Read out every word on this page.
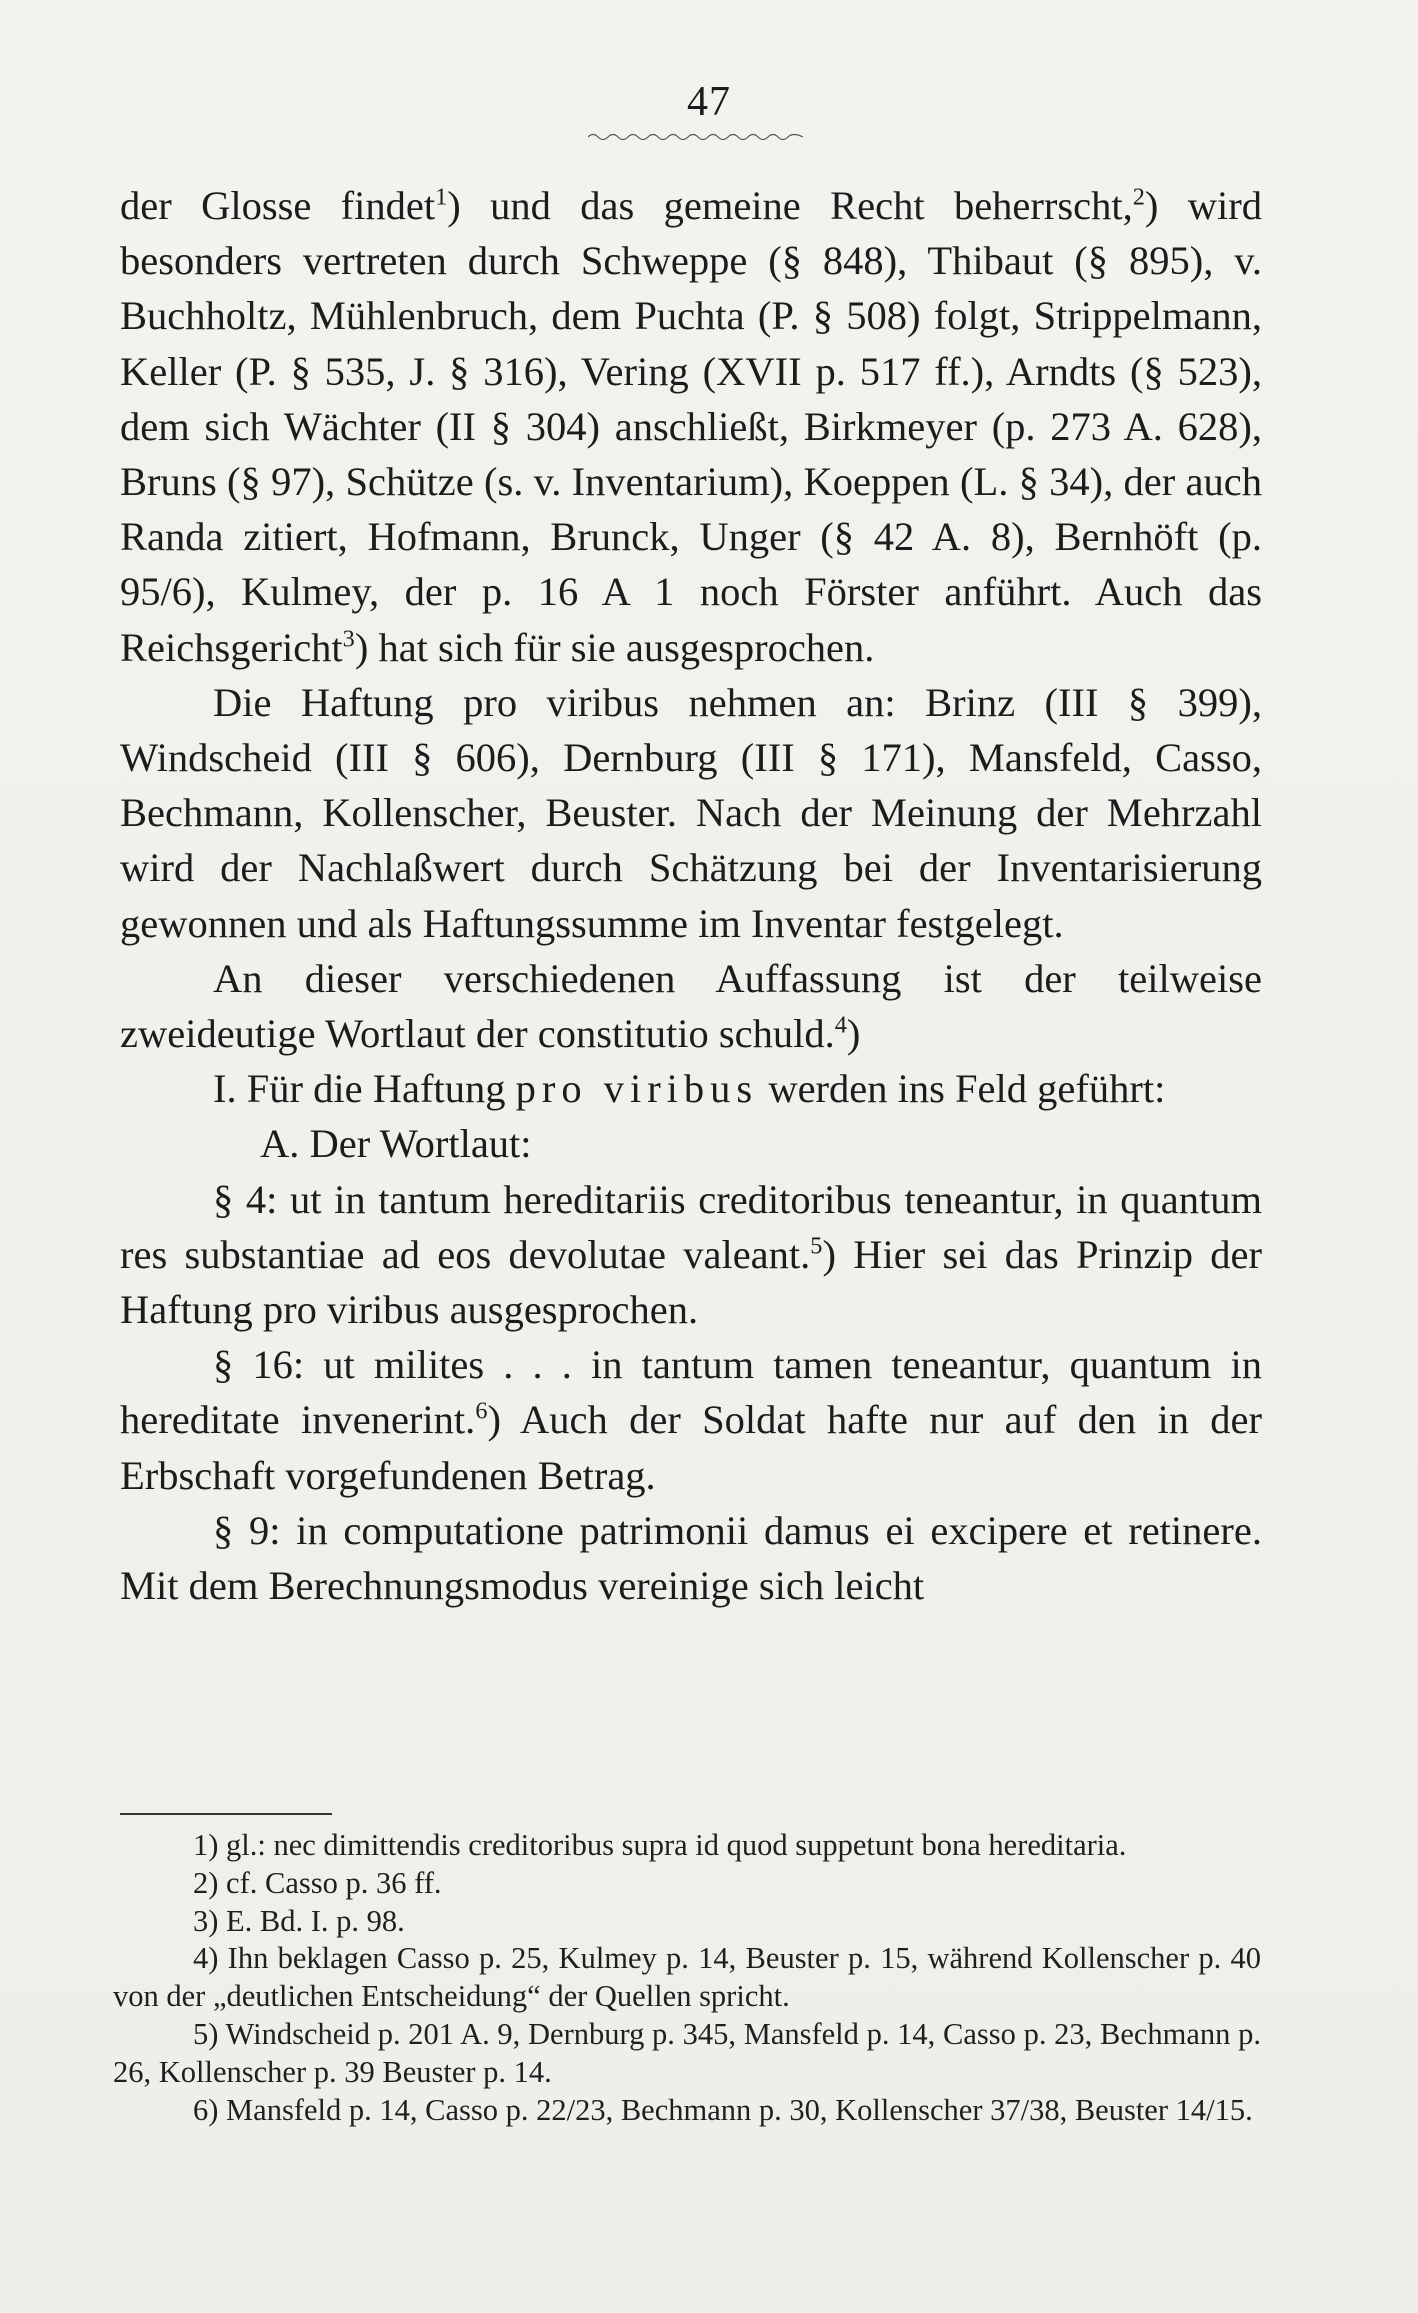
47

der Glosse findet$^1$) und das gemeine Recht beherrscht,$^2$) wird besonders vertreten durch Schweppe (§ 848), Thibaut (§ 895), v. Buchholtz, Mühlenbruch, dem Puchta (P. § 508) folgt, Strippelmann, Keller (P. § 535, J. § 316), Vering (XVII p. 517 ff.), Arndts (§ 523), dem sich Wächter (II § 304) anschließt, Birkmeyer (p. 273 A. 628), Bruns (§ 97), Schütze (s. v. Inventarium), Koeppen (L. § 34), der auch Randa zitiert, Hofmann, Brunck, Unger (§ 42 A. 8), Bernhöft (p. 95/6), Kulmey, der p. 16 A 1 noch Förster anführt. Auch das Reichsgericht$^3$) hat sich für sie ausgesprochen.

Die Haftung pro viribus nehmen an: Brinz (III § 399), Windscheid (III § 606), Dernburg (III § 171), Mansfeld, Casso, Bechmann, Kollenscher, Beuster. Nach der Meinung der Mehrzahl wird der Nachlaßwert durch Schätzung bei der Inventarisierung gewonnen und als Haftungssumme im Inventar festgelegt.

An dieser verschiedenen Auffassung ist der teilweise zweideutige Wortlaut der constitutio schuld.$^4$)

I. Für die Haftung pro viribus werden ins Feld geführt:

A. Der Wortlaut:

§ 4: ut in tantum hereditariis creditoribus teneantur, in quantum res substantiae ad eos devolutae valeant.$^5$) Hier sei das Prinzip der Haftung pro viribus ausgesprochen.

§ 16: ut milites . . . in tantum tamen teneantur, quantum in hereditate invenerint.$^6$) Auch der Soldat hafte nur auf den in der Erbschaft vorgefundenen Betrag.

§ 9: in computatione patrimonii damus ei excipere et retinere. Mit dem Berechnungsmodus vereinige sich leicht

1) gl.: nec dimittendis creditoribus supra id quod suppetunt bona hereditaria.

2) cf. Casso p. 36 ff.

3) E. Bd. I. p. 98.

4) Ihn beklagen Casso p. 25, Kulmey p. 14, Beuster p. 15, während Kollenscher p. 40 von der „deutlichen Entscheidung“ der Quellen spricht.

5) Windscheid p. 201 A. 9, Dernburg p. 345, Mansfeld p. 14, Casso p. 23, Bechmann p. 26, Kollenscher p. 39 Beuster p. 14.

6) Mansfeld p. 14, Casso p. 22/23, Bechmann p. 30, Kollenscher 37/38, Beuster 14/15.
